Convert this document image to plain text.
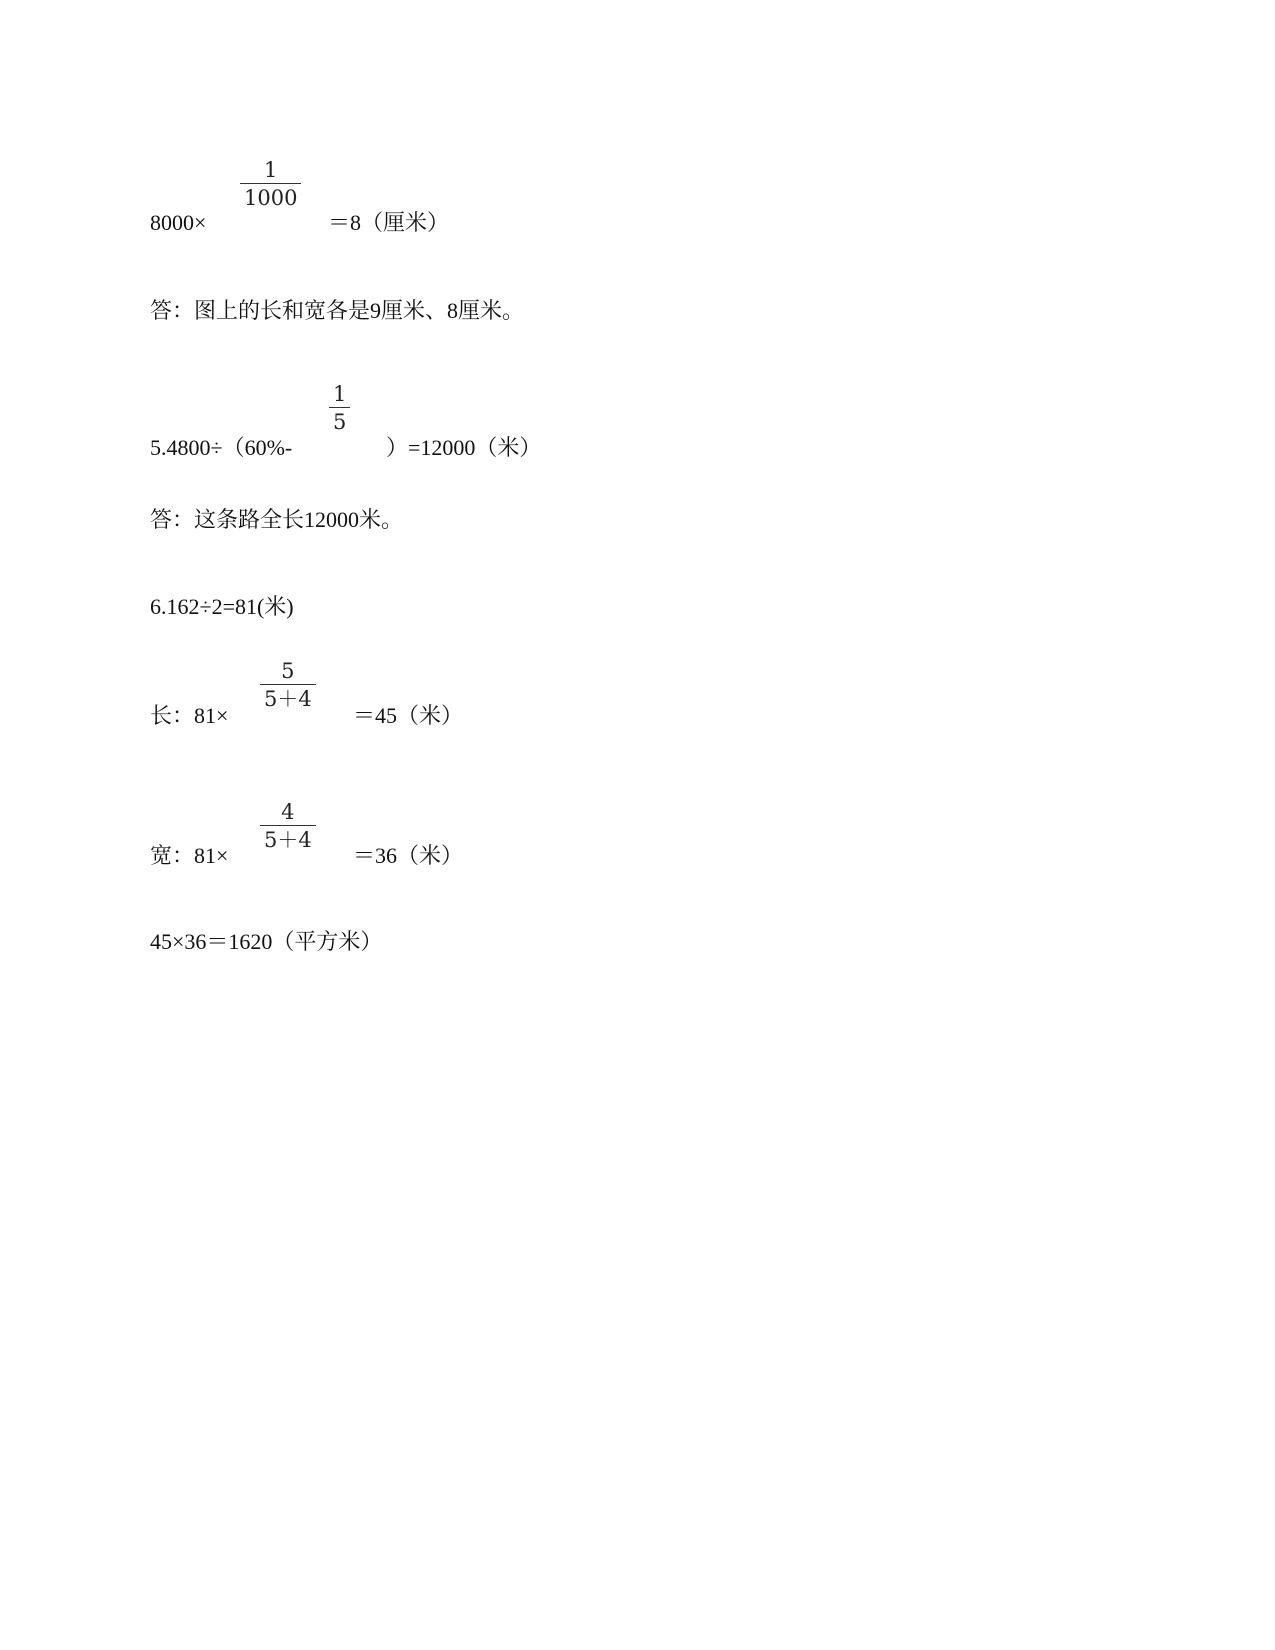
8000×
1
1000
＝8（厘米）
答：图上的长和宽各是9厘米、8厘米。
5.4800÷（60%-
1
5
）=12000（米）
答：这条路全长12000米。
6.162÷2=81(米)
长：81×
5
5＋4
＝45（米）
宽：81×
4
5＋4
＝36（米）
45×36＝1620（平方米）
